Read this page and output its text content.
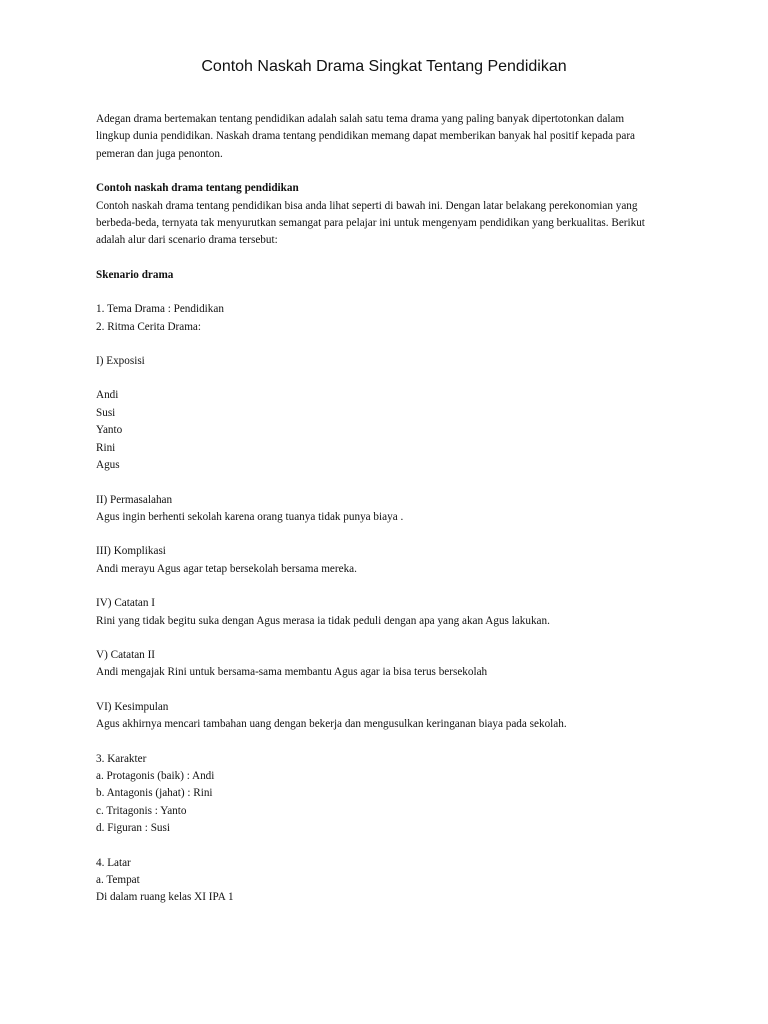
Contoh Naskah Drama Singkat Tentang Pendidikan

Adegan drama bertemakan tentang pendidikan adalah salah satu tema drama yang paling banyak dipertotonkan dalam

lingkup dunia pendidikan. Naskah drama tentang pendidikan memang dapat memberikan banyak hal positif kepada para

pemeran dan juga penonton.

Contoh naskah drama tentang pendidikan

Contoh naskah drama tentang pendidikan bisa anda lihat seperti di bawah ini. Dengan latar belakang perekonomian yang

berbeda-beda, ternyata tak menyurutkan semangat para pelajar ini untuk mengenyam pendidikan yang berkualitas. Berikut

adalah alur dari scenario drama tersebut:

Skenario drama

1. Tema Drama : Pendidikan

2. Ritma Cerita Drama:

I) Exposisi

Andi

Susi

Yanto

Rini

Agus

II) Permasalahan

Agus ingin berhenti sekolah karena orang tuanya tidak punya biaya .

III) Komplikasi

Andi merayu Agus agar tetap bersekolah bersama mereka.

IV) Catatan I

Rini yang tidak begitu suka dengan Agus merasa ia tidak peduli dengan apa yang akan Agus lakukan.

V) Catatan II

Andi mengajak Rini untuk bersama-sama membantu Agus agar ia bisa terus bersekolah

VI) Kesimpulan

Agus akhirnya mencari tambahan uang dengan bekerja dan mengusulkan keringanan biaya pada sekolah.

3. Karakter

a. Protagonis (baik) : Andi

b. Antagonis (jahat) : Rini

c. Tritagonis : Yanto

d. Figuran : Susi

4. Latar

a. Tempat

Di dalam ruang kelas XI IPA 1
